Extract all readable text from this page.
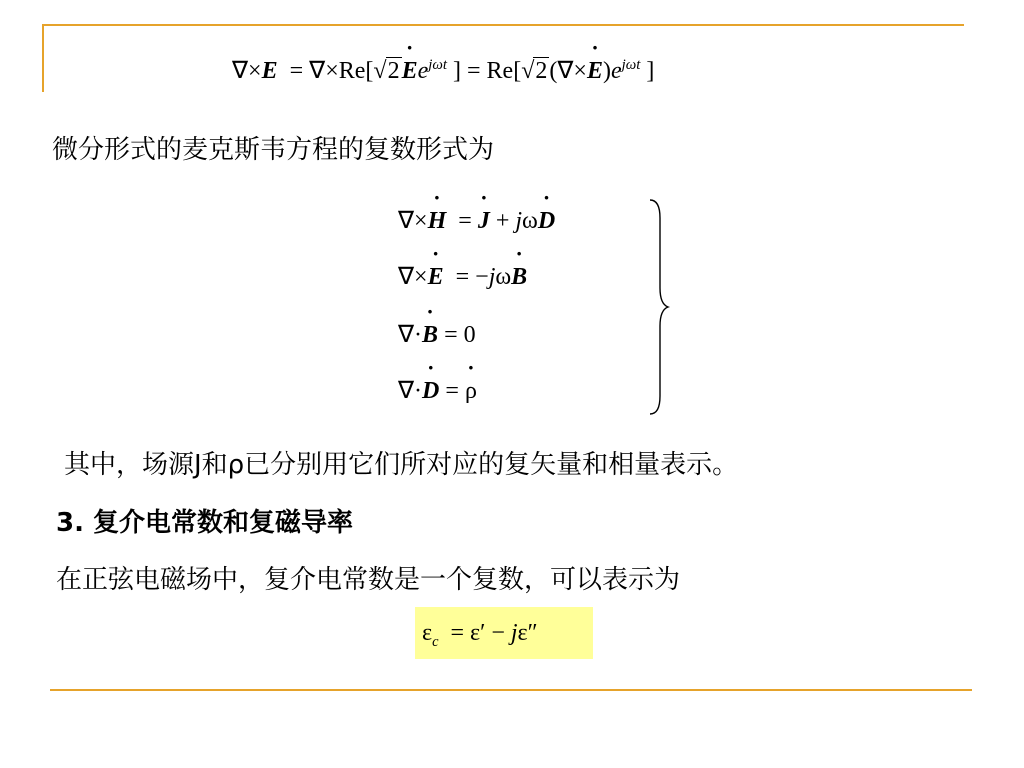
∇×E  = ∇×Re[√2˙ $Ee^{j\omega t}$ ] = Re[√2(∇×˙ $E)e^{j\omega t}$ ]
微分形式的麦克斯韦方程的复数形式为
∇×˙ H  = ˙ J + jω˙ D
∇×˙ E  = −jω˙ B
∇·˙ B = 0
∇·˙ D = ˙ ρ
其中，场源J和ρ已分别用它们所对应的复矢量和相量表示。
3. 复介电常数和复磁导率
在正弦电磁场中，复介电常数是一个复数，可以表示为
$\varepsilon_c = \varepsilon' - j\varepsilon''$
